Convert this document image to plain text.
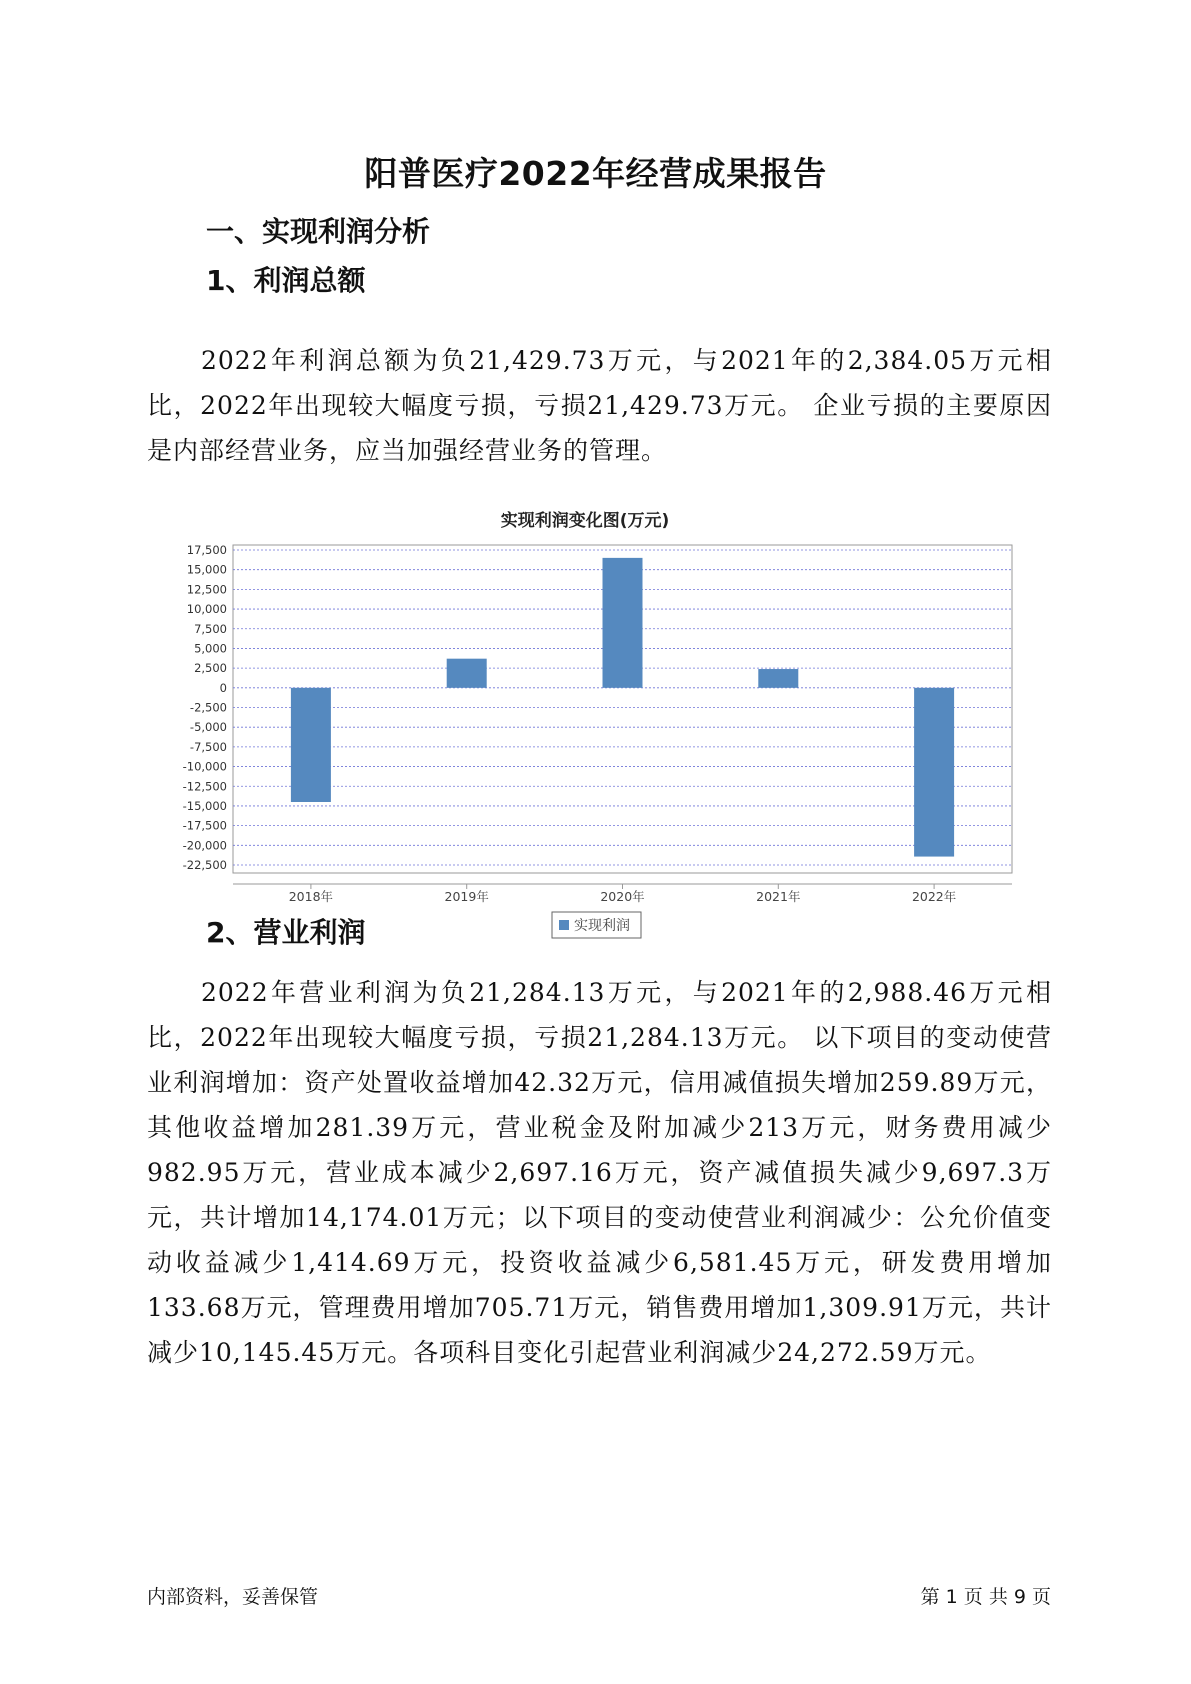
阳普医疗2022年经营成果报告
一、实现利润分析
1、利润总额

2022年利润总额为负21,429.73万元，与2021年的2,384.05万元相比，2022年出现较大幅度亏损，亏损21,429.73万元。 企业亏损的主要原因是内部经营业务，应当加强经营业务的管理。

实现利润变化图(万元)
17,500
15,000
12,500
10,000
7,500
5,000
2,500
0
-2,500
-5,000
-7,500
-10,000
-12,500
-15,000
-17,500
-20,000
-22,500
2018年	2019年	2020年	2021年	2022年
实现利润
2、营业利润

2022年营业利润为负21,284.13万元，与2021年的2,988.46万元相比，2022年出现较大幅度亏损，亏损21,284.13万元。 以下项目的变动使营业利润增加：资产处置收益增加42.32万元，信用减值损失增加259.89万元，其他收益增加281.39万元，营业税金及附加减少213万元，财务费用减少982.95万元，营业成本减少2,697.16万元，资产减值损失减少9,697.3万元，共计增加14,174.01万元；以下项目的变动使营业利润减少：公允价值变动收益减少1,414.69万元，投资收益减少6,581.45万元，研发费用增加133.68万元，管理费用增加705.71万元，销售费用增加1,309.91万元，共计减少10,145.45万元。各项科目变化引起营业利润减少24,272.59万元。

内部资料，妥善保管	第 1 页 共 9 页
